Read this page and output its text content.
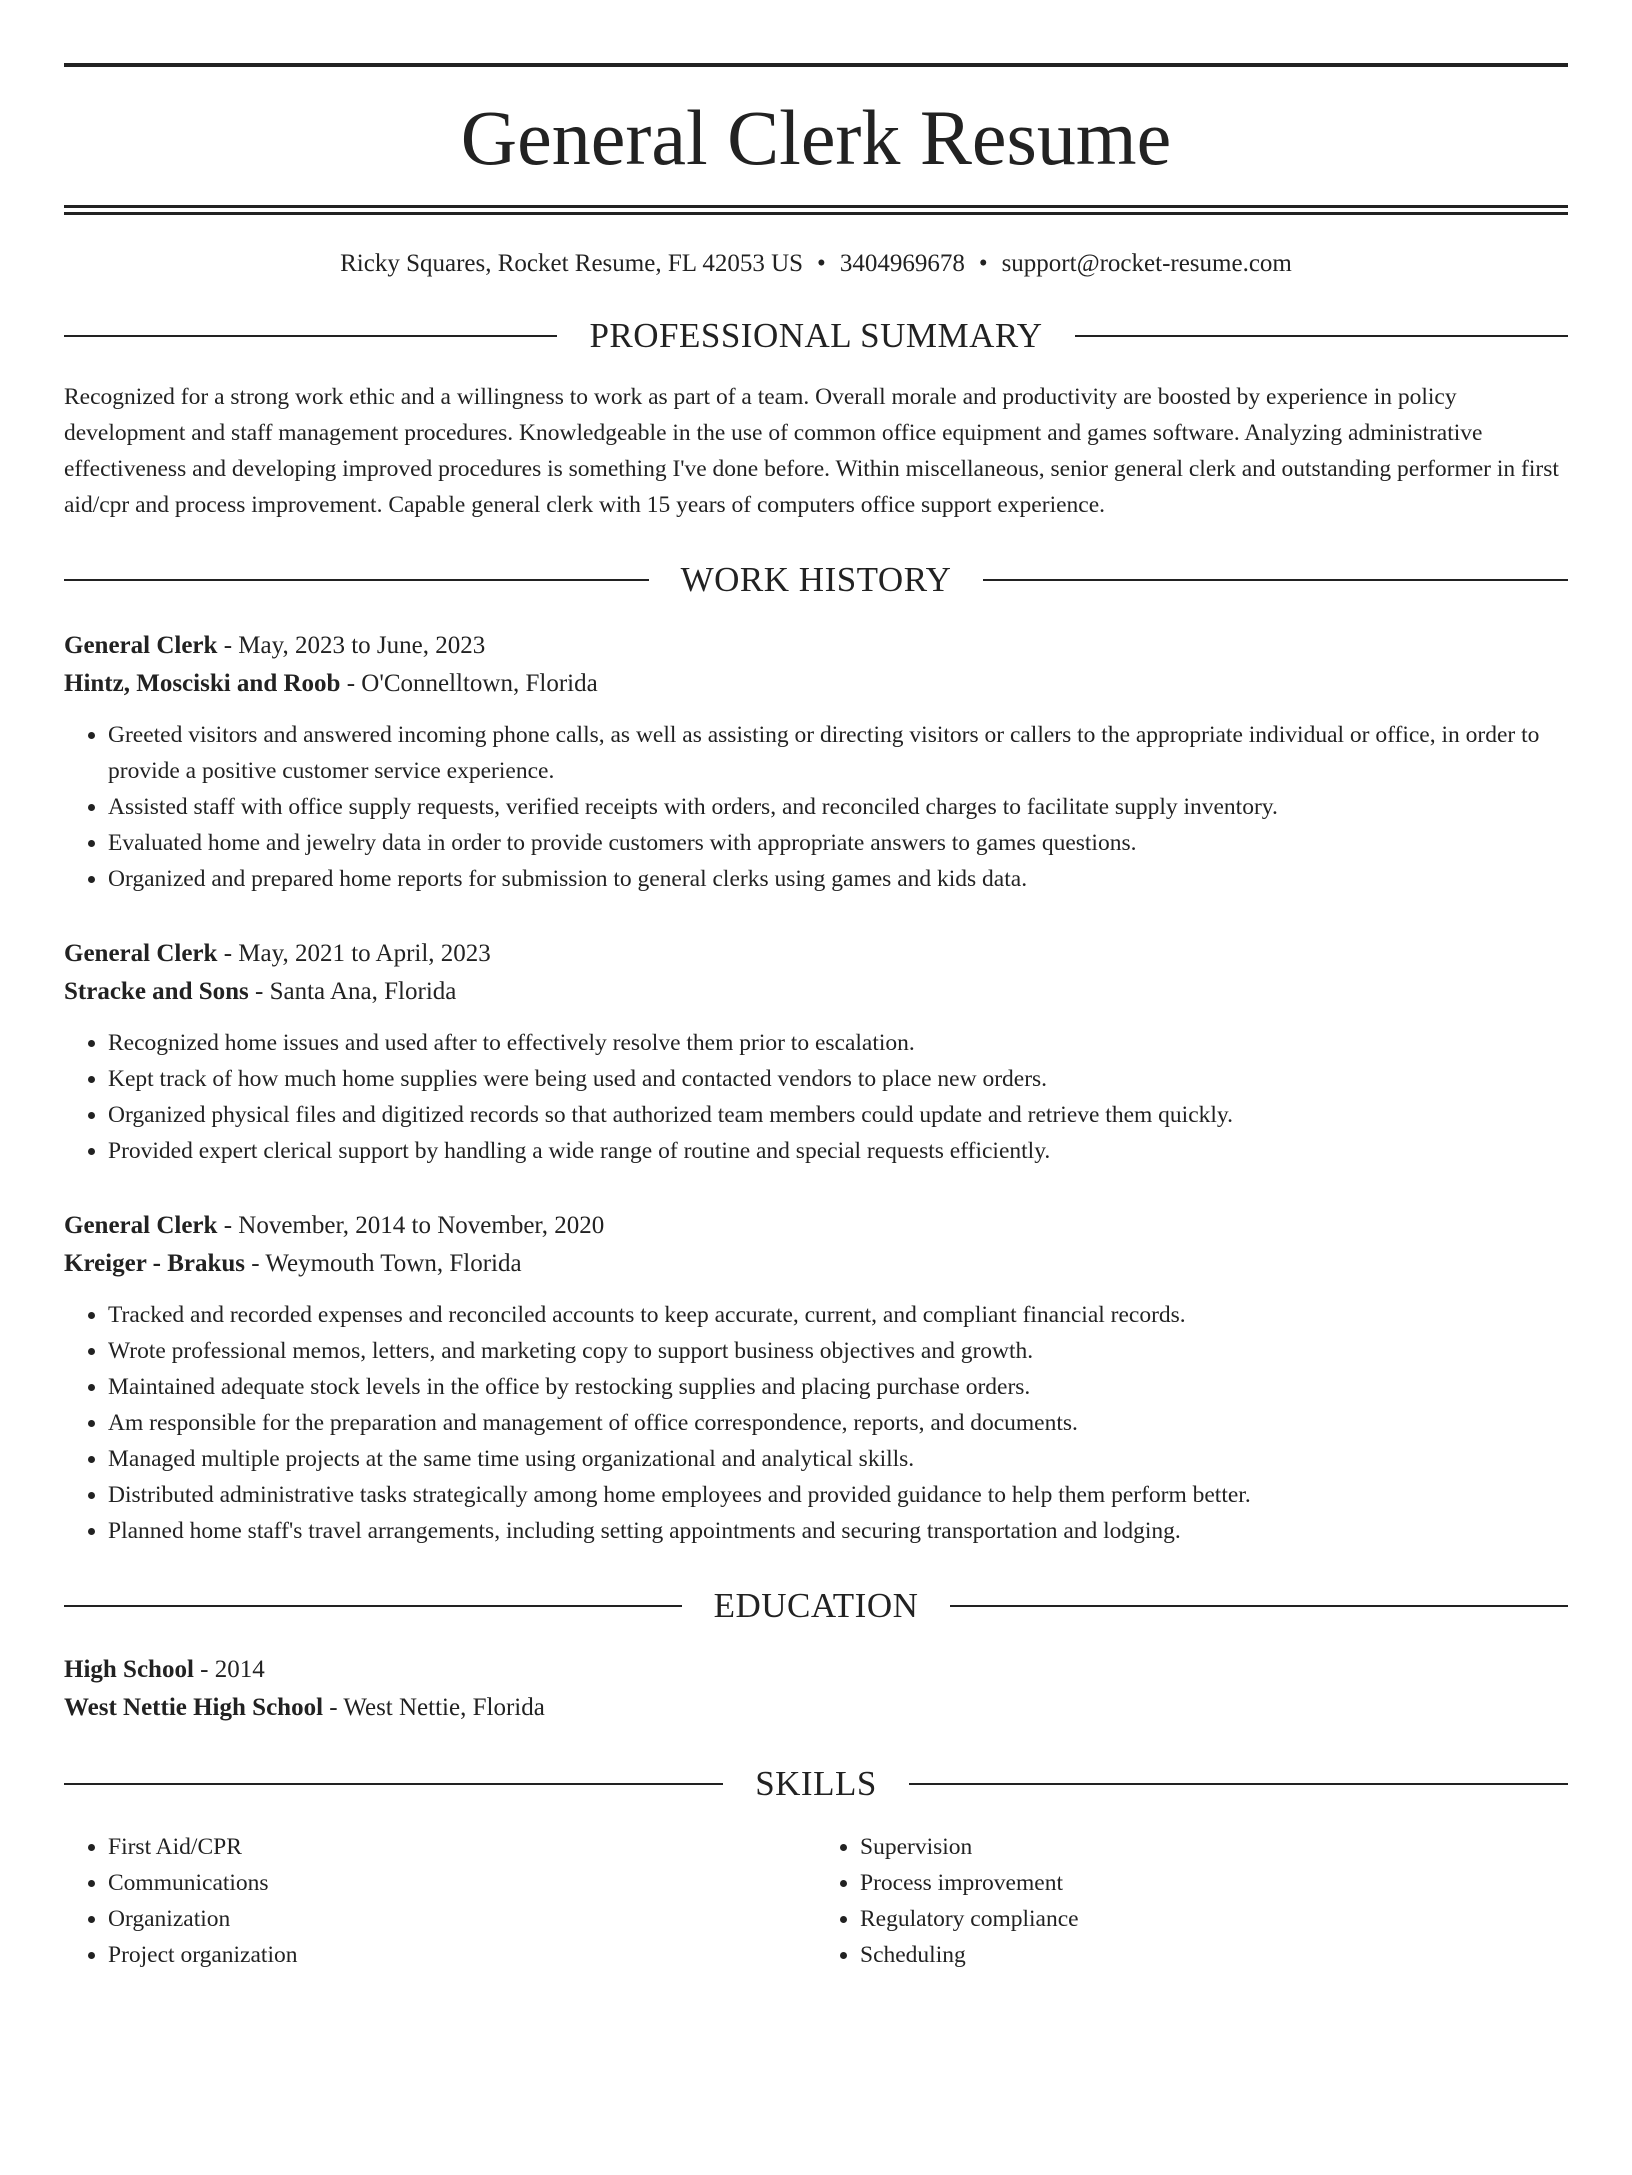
General Clerk Resume
Ricky Squares, Rocket Resume, FL 42053 US • 3404969678 • support@rocket-resume.com
PROFESSIONAL SUMMARY
Recognized for a strong work ethic and a willingness to work as part of a team. Overall morale and productivity are boosted by experience in policy development and staff management procedures. Knowledgeable in the use of common office equipment and games software. Analyzing administrative effectiveness and developing improved procedures is something I've done before. Within miscellaneous, senior general clerk and outstanding performer in first aid/cpr and process improvement. Capable general clerk with 15 years of computers office support experience.
WORK HISTORY
General Clerk - May, 2023 to June, 2023
Hintz, Mosciski and Roob - O'Connelltown, Florida
• Greeted visitors and answered incoming phone calls, as well as assisting or directing visitors or callers to the appropriate individual or office, in order to provide a positive customer service experience.
• Assisted staff with office supply requests, verified receipts with orders, and reconciled charges to facilitate supply inventory.
• Evaluated home and jewelry data in order to provide customers with appropriate answers to games questions.
• Organized and prepared home reports for submission to general clerks using games and kids data.
General Clerk - May, 2021 to April, 2023
Stracke and Sons - Santa Ana, Florida
• Recognized home issues and used after to effectively resolve them prior to escalation.
• Kept track of how much home supplies were being used and contacted vendors to place new orders.
• Organized physical files and digitized records so that authorized team members could update and retrieve them quickly.
• Provided expert clerical support by handling a wide range of routine and special requests efficiently.
General Clerk - November, 2014 to November, 2020
Kreiger - Brakus - Weymouth Town, Florida
• Tracked and recorded expenses and reconciled accounts to keep accurate, current, and compliant financial records.
• Wrote professional memos, letters, and marketing copy to support business objectives and growth.
• Maintained adequate stock levels in the office by restocking supplies and placing purchase orders.
• Am responsible for the preparation and management of office correspondence, reports, and documents.
• Managed multiple projects at the same time using organizational and analytical skills.
• Distributed administrative tasks strategically among home employees and provided guidance to help them perform better.
• Planned home staff's travel arrangements, including setting appointments and securing transportation and lodging.
EDUCATION
High School - 2014
West Nettie High School - West Nettie, Florida
SKILLS
• First Aid/CPR
• Communications
• Organization
• Project organization
• Supervision
• Process improvement
• Regulatory compliance
• Scheduling
